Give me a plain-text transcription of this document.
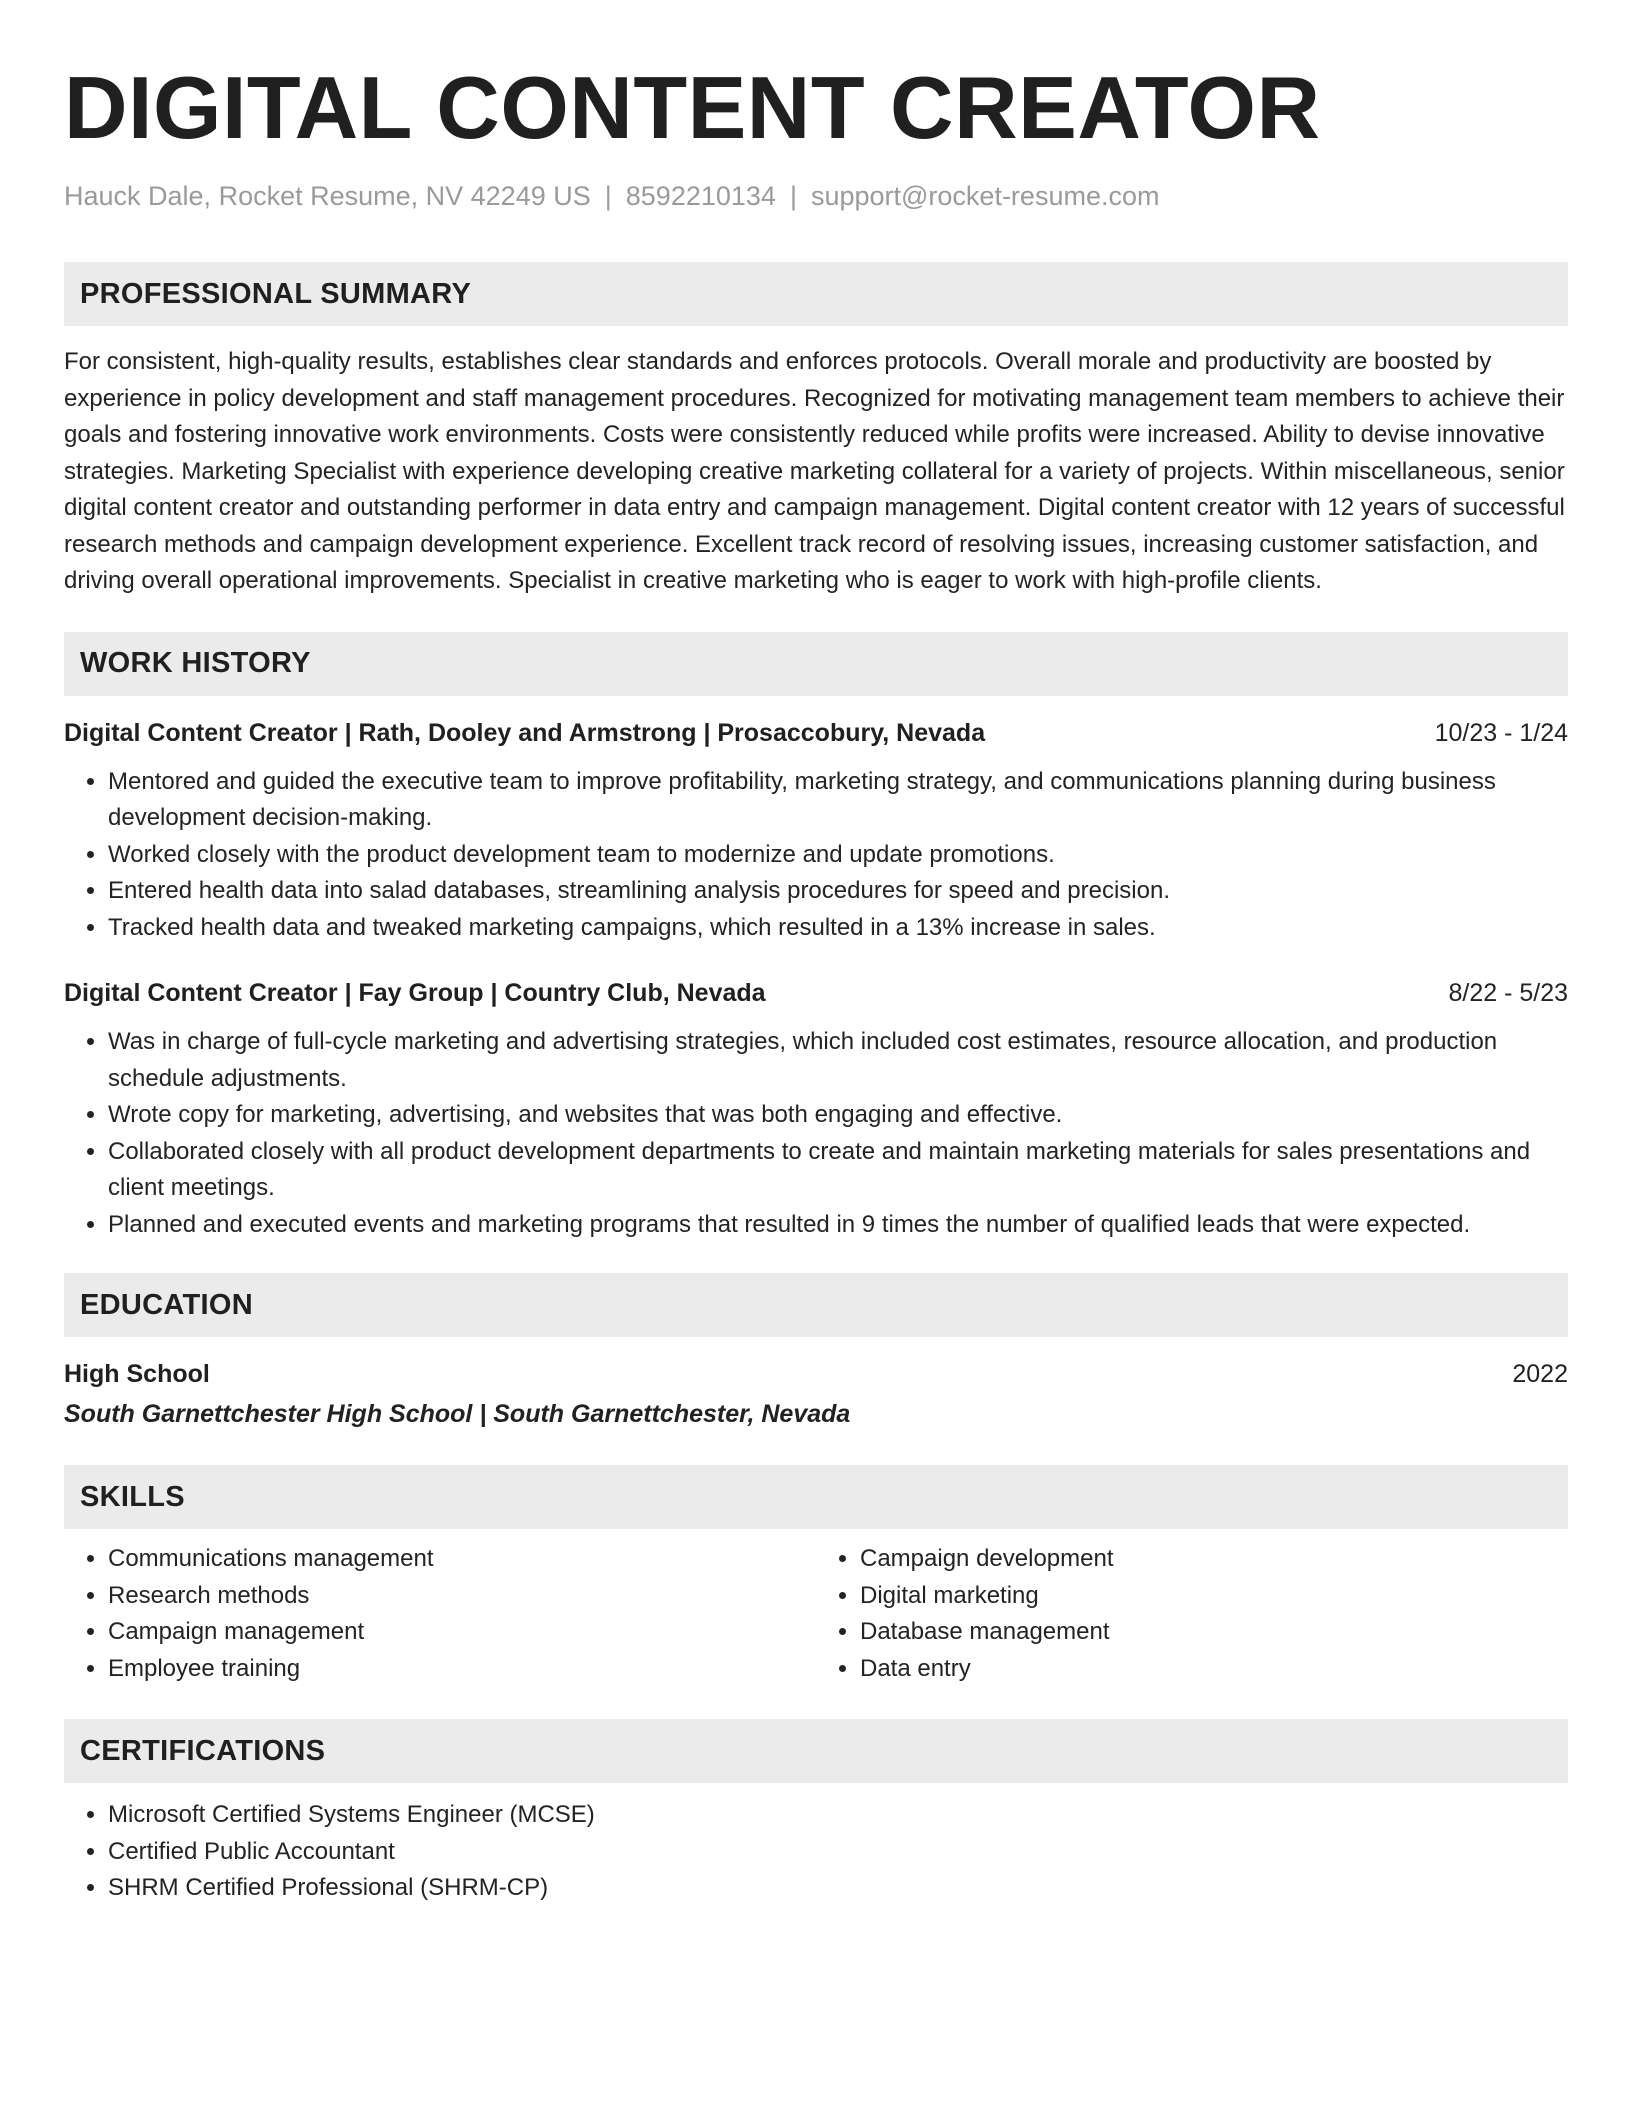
DIGITAL CONTENT CREATOR
Hauck Dale, Rocket Resume, NV 42249 US | 8592210134 | support@rocket-resume.com
PROFESSIONAL SUMMARY

For consistent, high-quality results, establishes clear standards and enforces protocols. Overall morale and productivity are boosted by experience in policy development and staff management procedures. Recognized for motivating management team members to achieve their goals and fostering innovative work environments. Costs were consistently reduced while profits were increased. Ability to devise innovative strategies. Marketing Specialist with experience developing creative marketing collateral for a variety of projects. Within miscellaneous, senior digital content creator and outstanding performer in data entry and campaign management. Digital content creator with 12 years of successful research methods and campaign development experience. Excellent track record of resolving issues, increasing customer satisfaction, and driving overall operational improvements. Specialist in creative marketing who is eager to work with high-profile clients.

WORK HISTORY
Digital Content Creator | Rath, Dooley and Armstrong | Prosaccobury, Nevada	10/23 - 1/24
• Mentored and guided the executive team to improve profitability, marketing strategy, and communications planning during business development decision-making.
• Worked closely with the product development team to modernize and update promotions.
• Entered health data into salad databases, streamlining analysis procedures for speed and precision.
• Tracked health data and tweaked marketing campaigns, which resulted in a 13% increase in sales.
Digital Content Creator | Fay Group | Country Club, Nevada	8/22 - 5/23
• Was in charge of full-cycle marketing and advertising strategies, which included cost estimates, resource allocation, and production schedule adjustments.
• Wrote copy for marketing, advertising, and websites that was both engaging and effective.
• Collaborated closely with all product development departments to create and maintain marketing materials for sales presentations and client meetings.
• Planned and executed events and marketing programs that resulted in 9 times the number of qualified leads that were expected.
EDUCATION
High School	2022
South Garnettchester High School | South Garnettchester, Nevada
SKILLS
• Communications management
• Research methods
• Campaign management
• Employee training
• Campaign development
• Digital marketing
• Database management
• Data entry
CERTIFICATIONS
• Microsoft Certified Systems Engineer (MCSE)
• Certified Public Accountant
• SHRM Certified Professional (SHRM-CP)
